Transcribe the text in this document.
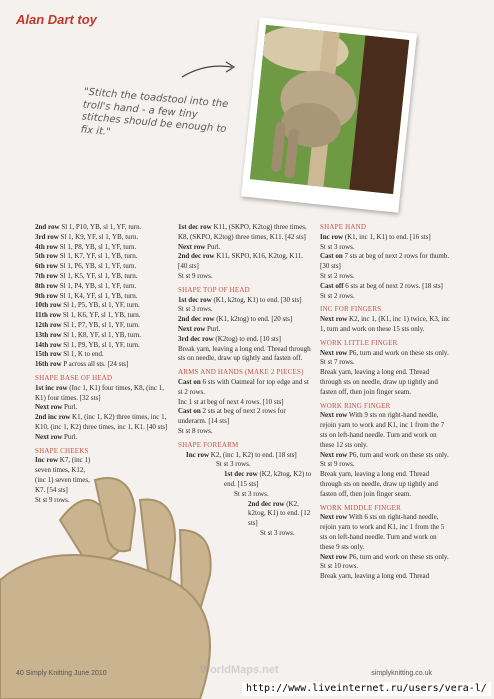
Alan Dart toy
"Stitch the toadstool into the troll's hand - a few tiny stitches should be enough to fix it."

2nd row Sl 1, P10, YB, sl 1, YF, turn.

3rd row Sl 1, K9, YF, sl 1, YB, turn.

4th row Sl 1, P8, YB, sl 1, YF, turn.

5th row Sl 1, K7, YF, sl 1, YB, turn.

6th row Sl 1, P6, YB, sl 1, YF, turn.

7th row Sl 1, K5, YF, sl 1, YB, turn.

8th row Sl 1, P4, YB, sl 1, YF, turn.

9th row Sl 1, K4, YF, sl 1, YB, turn.

10th row Sl 1, P5, YB, sl 1, YF, turn.

11th row Sl 1, K6, YF, sl 1, YB, turn.

12th row Sl 1, P7, YB, sl 1, YF, turn.

13th row Sl 1, K8, YF, sl 1, YB, turn.

14th row Sl 1, P9, YB, sl 1, YF, turn.

15th row Sl 1, K to end.

16th row P across all sts. [24 sts]

SHAPE BASE OF HEAD

1st inc row (Inc 1, K1) four times, K8, (inc 1, K1) four times. [32 sts]

Next row Purl.

2nd inc row K1, (inc 1, K2) three times, inc 1, K10, (inc 1, K2) three times, inc 1, K1. [40 sts]

Next row Purl.

SHAPE CHEEKS

Inc row K7, (inc 1) seven times, K12, (inc 1) seven times, K7. [54 sts]

St st 9 rows.

1st dec row K11, (SKPO, K2tog) three times, K8, (SKPO, K2tog) three times, K11. [42 sts]

Next row Purl.

2nd dec row K11, SKPO, K16, K2tog, K11. [40 sts]

St st 9 rows.

SHAPE TOP OF HEAD

1st dec row (K1, k2tog, K1) to end. [30 sts]

St st 3 rows.

2nd dec row (K1, k2tog) to end. [20 sts]

Next row Purl.

3rd dec row (K2tog) to end. [10 sts]

Break yarn, leaving a long end. Thread through sts on needle, draw up tightly and fasten off.

ARMS AND HANDS (MAKE 2 PIECES)

Cast on 6 sts with Oatmeal for top edge and st st 2 rows.

Inc 1 st at beg of next 4 rows. [10 sts]

Cast on 2 sts at beg of next 2 rows for underarm. [14 sts]

St st 8 rows.

SHAPE FOREARM

Inc row K2, (inc 1, K2) to end. [18 sts]

St st 3 rows.

1st dec row (K2, k2tog, K2) to end. [15 sts]

St st 3 rows.

2nd dec row (K2, k2tog, K1) to end. [12 sts]

St st 3 rows.

SHAPE HAND

Inc row (K1, inc 1, K1) to end. [16 sts]

St st 3 rows.

Cast on 7 sts at beg of next 2 rows for thumb. [30 sts]

St st 2 rows.

Cast off 6 sts at beg of next 2 rows. [18 sts]

St st 2 rows.

INC FOR FINGERS

Next row K2, inc 1, (K1, inc 1) twice, K3, inc 1, turn and work on these 15 sts only.

WORK LITTLE FINGER

Next row P6, turn and work on these sts only.

St st 7 rows.

Break yarn, leaving a long end. Thread through sts on needle, draw up tightly and fasten off, then join finger seam.

WORK RING FINGER

Next row With 9 sts on right-hand needle, rejoin yarn to work and K1, inc 1 from the 7 sts on left-hand needle. Turn and work on these 12 sts only.

Next row P6, turn and work on these sts only.

St st 9 rows.

Break yarn, leaving a long end. Thread through sts on needle, draw up tightly and fasten off, then join finger seam.

WORK MIDDLE FINGER

Next row With 6 sts on right-hand needle, rejoin yarn to work and K1, inc 1 from the 5 sts on left-hand needle. Turn and work on these 9 sts only.

Next row P6, turn and work on these sts only.

St st 10 rows.

Break yarn, leaving a long end. Thread

WorldMaps.net
40 Simply Knitting June 2010	simplyknitting.co.uk
http://www.liveinternet.ru/users/vera-l/
